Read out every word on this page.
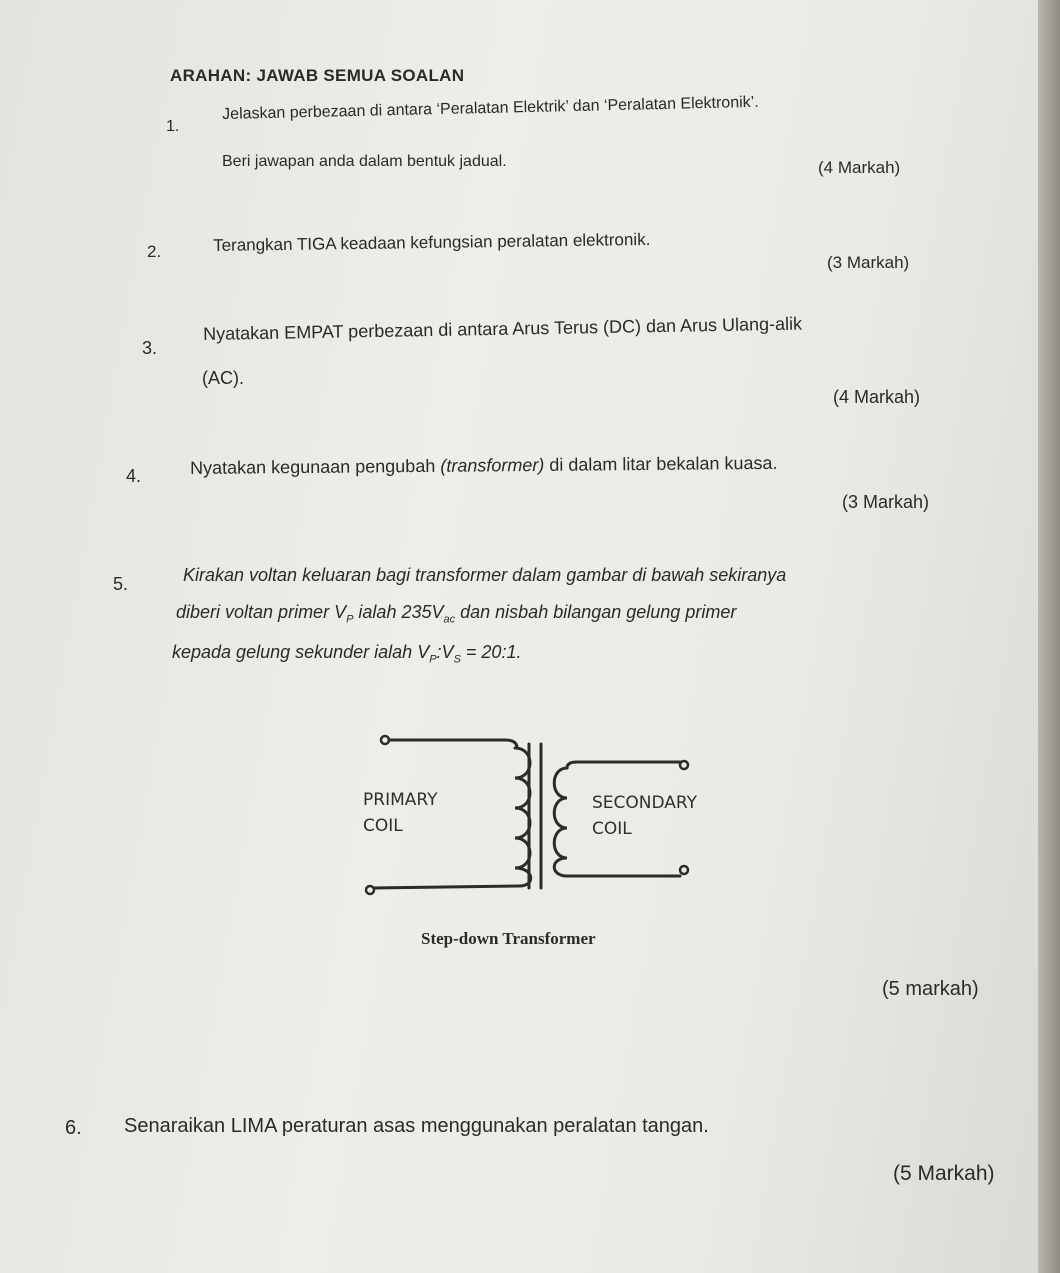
ARAHAN: JAWAB SEMUA SOALAN
1.
Jelaskan perbezaan di antara ‘Peralatan Elektrik’ dan ‘Peralatan Elektronik’.
Beri jawapan anda dalam bentuk jadual.	(4 Markah)
2.	Terangkan TIGA keadaan kefungsian peralatan elektronik.
(3 Markah)
3.
Nyatakan EMPAT perbezaan di antara Arus Terus (DC) dan Arus Ulang-alik
(AC).
(4 Markah)
4.	Nyatakan kegunaan pengubah (transformer) di dalam litar bekalan kuasa.
(3 Markah)
5.	Kirakan voltan keluaran bagi transformer dalam gambar di bawah sekiranya
diberi voltan primer $V_P$ ialah $235V_{ac}$ dan nisbah bilangan gelung primer
kepada gelung sekunder ialah $V_P:V_S$ = 20:1.
PRIMARY
COIL
SECONDARY
COIL
Step-down Transformer
(5 markah)
6. Senaraikan LIMA peraturan asas menggunakan peralatan tangan.
(5 Markah)
